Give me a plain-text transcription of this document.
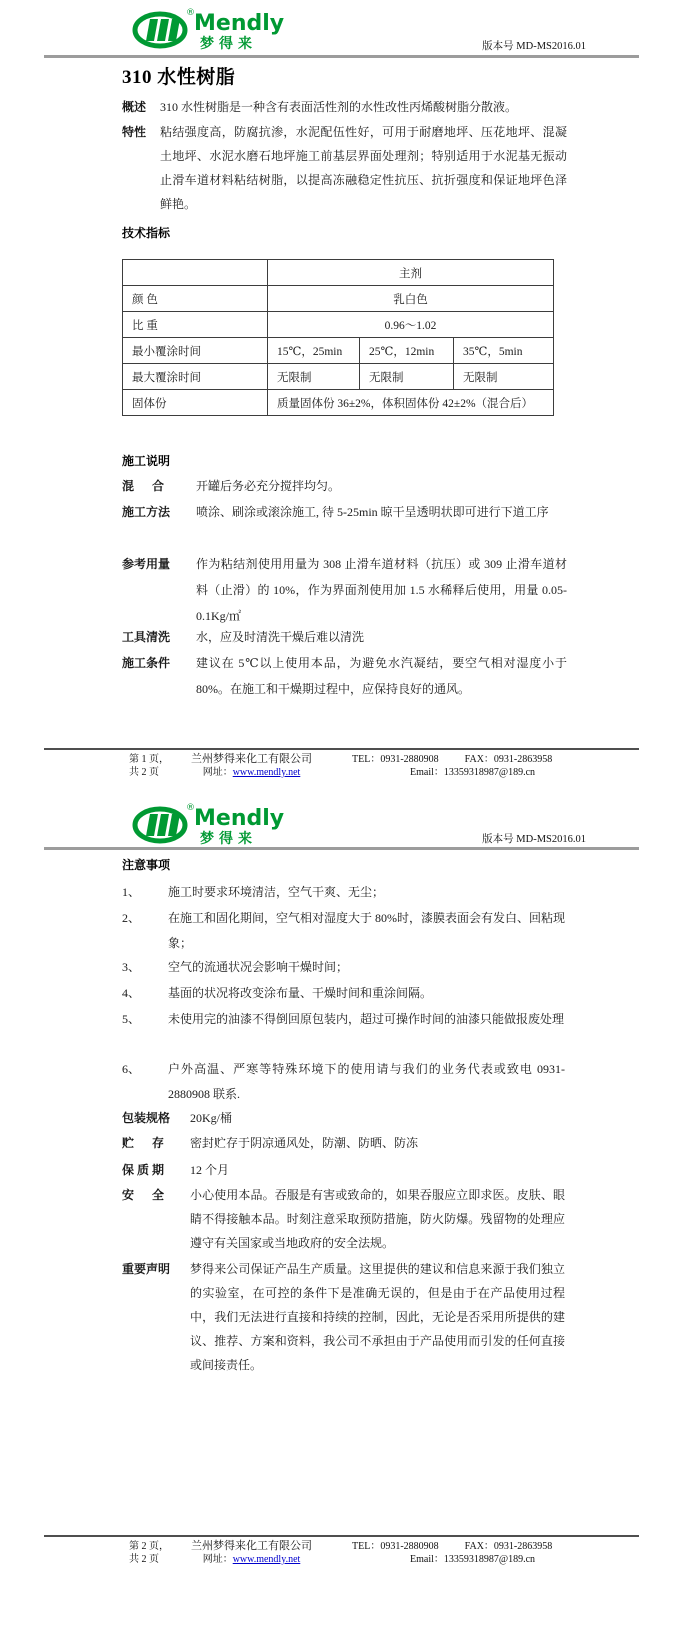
® Mendly
梦得来	版本号 MD-MS2016.01
310 水性树脂
概述	310 水性树脂是一种含有表面活性剂的水性改性丙烯酸树脂分散液。
特性	粘结强度高，防腐抗渗，水泥配伍性好，可用于耐磨地坪、压花地坪、混凝土地坪、水泥水磨石地坪施工前基层界面处理剂；特别适用于水泥基无振动止滑车道材料粘结树脂，以提高冻融稳定性抗压、抗折强度和保证地坪色泽鲜艳。
技术指标
	主剂		
颜 色	乳白色		
比 重	0.96～1.02		
最小覆涂时间	15℃，25min	25℃，12min	35℃，5min
最大覆涂时间	无限制	无限制	无限制
固体份	质量固体份 36±2%，体积固体份 42±2%（混合后）		
施工说明
混      合	开罐后务必充分搅拌均匀。
施工方法	喷涂、刷涂或滚涂施工, 待 5-25min 晾干呈透明状即可进行下道工序
参考用量	作为粘结剂使用用量为 308 止滑车道材料（抗压）或 309 止滑车道材料（止滑）的 10%，作为界面剂使用加 1.5 水稀释后使用，用量 0.05-0.1Kg/㎡
工具清洗	水，应及时清洗干燥后难以清洗
施工条件	建议在 5℃以上使用本品，为避免水汽凝结，要空气相对湿度小于 80%。在施工和干燥期过程中，应保持良好的通风。
第 1 页，共 2 页
兰州梦得来化工有限公司
网址：www.mendly.net
TEL：0931-2880908	FAX：0931-2863958
Email：13359318987@189.cn
® Mendly
梦得来	版本号 MD-MS2016.01
注意事项
1、	施工时要求环境清洁，空气干爽、无尘；
2、	在施工和固化期间，空气相对湿度大于 80%时，漆膜表面会有发白、回粘现象；
3、	空气的流通状况会影响干燥时间；
4、	基面的状况将改变涂布量、干燥时间和重涂间隔。
5、	未使用完的油漆不得倒回原包装内，超过可操作时间的油漆只能做报废处理
6、	户外高温、严寒等特殊环境下的使用请与我们的业务代表或致电 0931-2880908 联系.
包装规格	20Kg/桶
贮      存	密封贮存于阴凉通风处，防潮、防晒、防冻
保 质 期	12 个月
安      全	小心使用本品。吞服是有害或致命的，如果吞服应立即求医。皮肤、眼睛不得接触本品。时刻注意采取预防措施，防火防爆。残留物的处理应遵守有关国家或当地政府的安全法规。
重要声明	梦得来公司保证产品生产质量。这里提供的建议和信息来源于我们独立的实验室，在可控的条件下是准确无误的，但是由于在产品使用过程中，我们无法进行直接和持续的控制，因此，无论是否采用所提供的建议、推荐、方案和资料，我公司不承担由于产品使用而引发的任何直接或间接责任。
第 2 页，共 2 页
兰州梦得来化工有限公司
网址：www.mendly.net
TEL：0931-2880908	FAX：0931-2863958
Email：13359318987@189.cn
